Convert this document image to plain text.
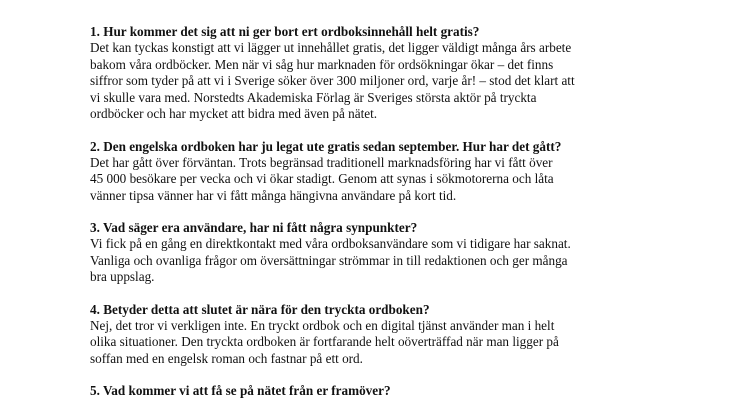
1. Hur kommer det sig att ni ger bort ert ordboksinnehåll helt gratis?

Det kan tyckas konstigt att vi lägger ut innehållet gratis, det ligger väldigt många års arbete
bakom våra ordböcker. Men när vi såg hur marknaden för ordsökningar ökar – det finns
siffror som tyder på att vi i Sverige söker över 300 miljoner ord, varje år! – stod det klart att
vi skulle vara med. Norstedts Akademiska Förlag är Sveriges största aktör på tryckta
ordböcker och har mycket att bidra med även på nätet.

2. Den engelska ordboken har ju legat ute gratis sedan september. Hur har det gått?

Det har gått över förväntan. Trots begränsad traditionell marknadsföring har vi fått över
45 000 besökare per vecka och vi ökar stadigt. Genom att synas i sökmotorerna och låta
vänner tipsa vänner har vi fått många hängivna användare på kort tid.

3. Vad säger era användare, har ni fått några synpunkter?

Vi fick på en gång en direktkontakt med våra ordboksanvändare som vi tidigare har saknat.
Vanliga och ovanliga frågor om översättningar strömmar in till redaktionen och ger många
bra uppslag.

4. Betyder detta att slutet är nära för den tryckta ordboken?

Nej, det tror vi verkligen inte. En tryckt ordbok och en digital tjänst använder man i helt
olika situationer. Den tryckta ordboken är fortfarande helt oöverträffad när man ligger på
soffan med en engelsk roman och fastnar på ett ord.

5. Vad kommer vi att få se på nätet från er framöver?
